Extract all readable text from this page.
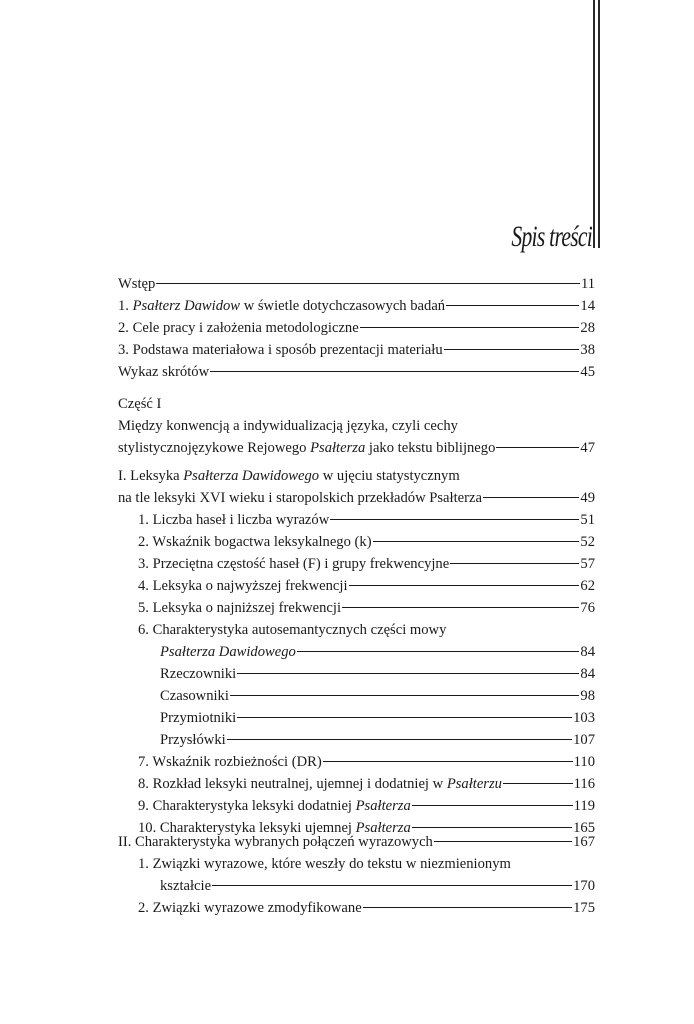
Spis treści
Wstęp	11
1. Psałterz Dawidow w świetle dotychczasowych badań	14
2. Cele pracy i założenia metodologiczne	28
3. Podstawa materiałowa i sposób prezentacji materiału	38
Wykaz skrótów	45
Część I
Między konwencją a indywidualizacją języka, czyli cechy
stylistycznojęzykowe Rejowego Psałterza jako tekstu biblijnego	47
I. Leksyka Psałterza Dawidowego w ujęciu statystycznym
na tle leksyki XVI wieku i staropolskich przekładów Psałterza	49
1. Liczba haseł i liczba wyrazów	51
2. Wskaźnik bogactwa leksykalnego (k)	52
3. Przeciętna częstość haseł (F) i grupy frekwencyjne	57
4. Leksyka o najwyższej frekwencji	62
5. Leksyka o najniższej frekwencji	76
6. Charakterystyka autosemantycznych części mowy
Psałterza Dawidowego	84
Rzeczowniki	84
Czasowniki	98
Przymiotniki	103
Przysłówki	107
7. Wskaźnik rozbieżności (DR)	110
8. Rozkład leksyki neutralnej, ujemnej i dodatniej w Psałterzu	116
9. Charakterystyka leksyki dodatniej Psałterza	119
10. Charakterystyka leksyki ujemnej Psałterza	165
II. Charakterystyka wybranych połączeń wyrazowych	167
1. Związki wyrazowe, które weszły do tekstu w niezmienionym
kształcie	170
2. Związki wyrazowe zmodyfikowane	175
